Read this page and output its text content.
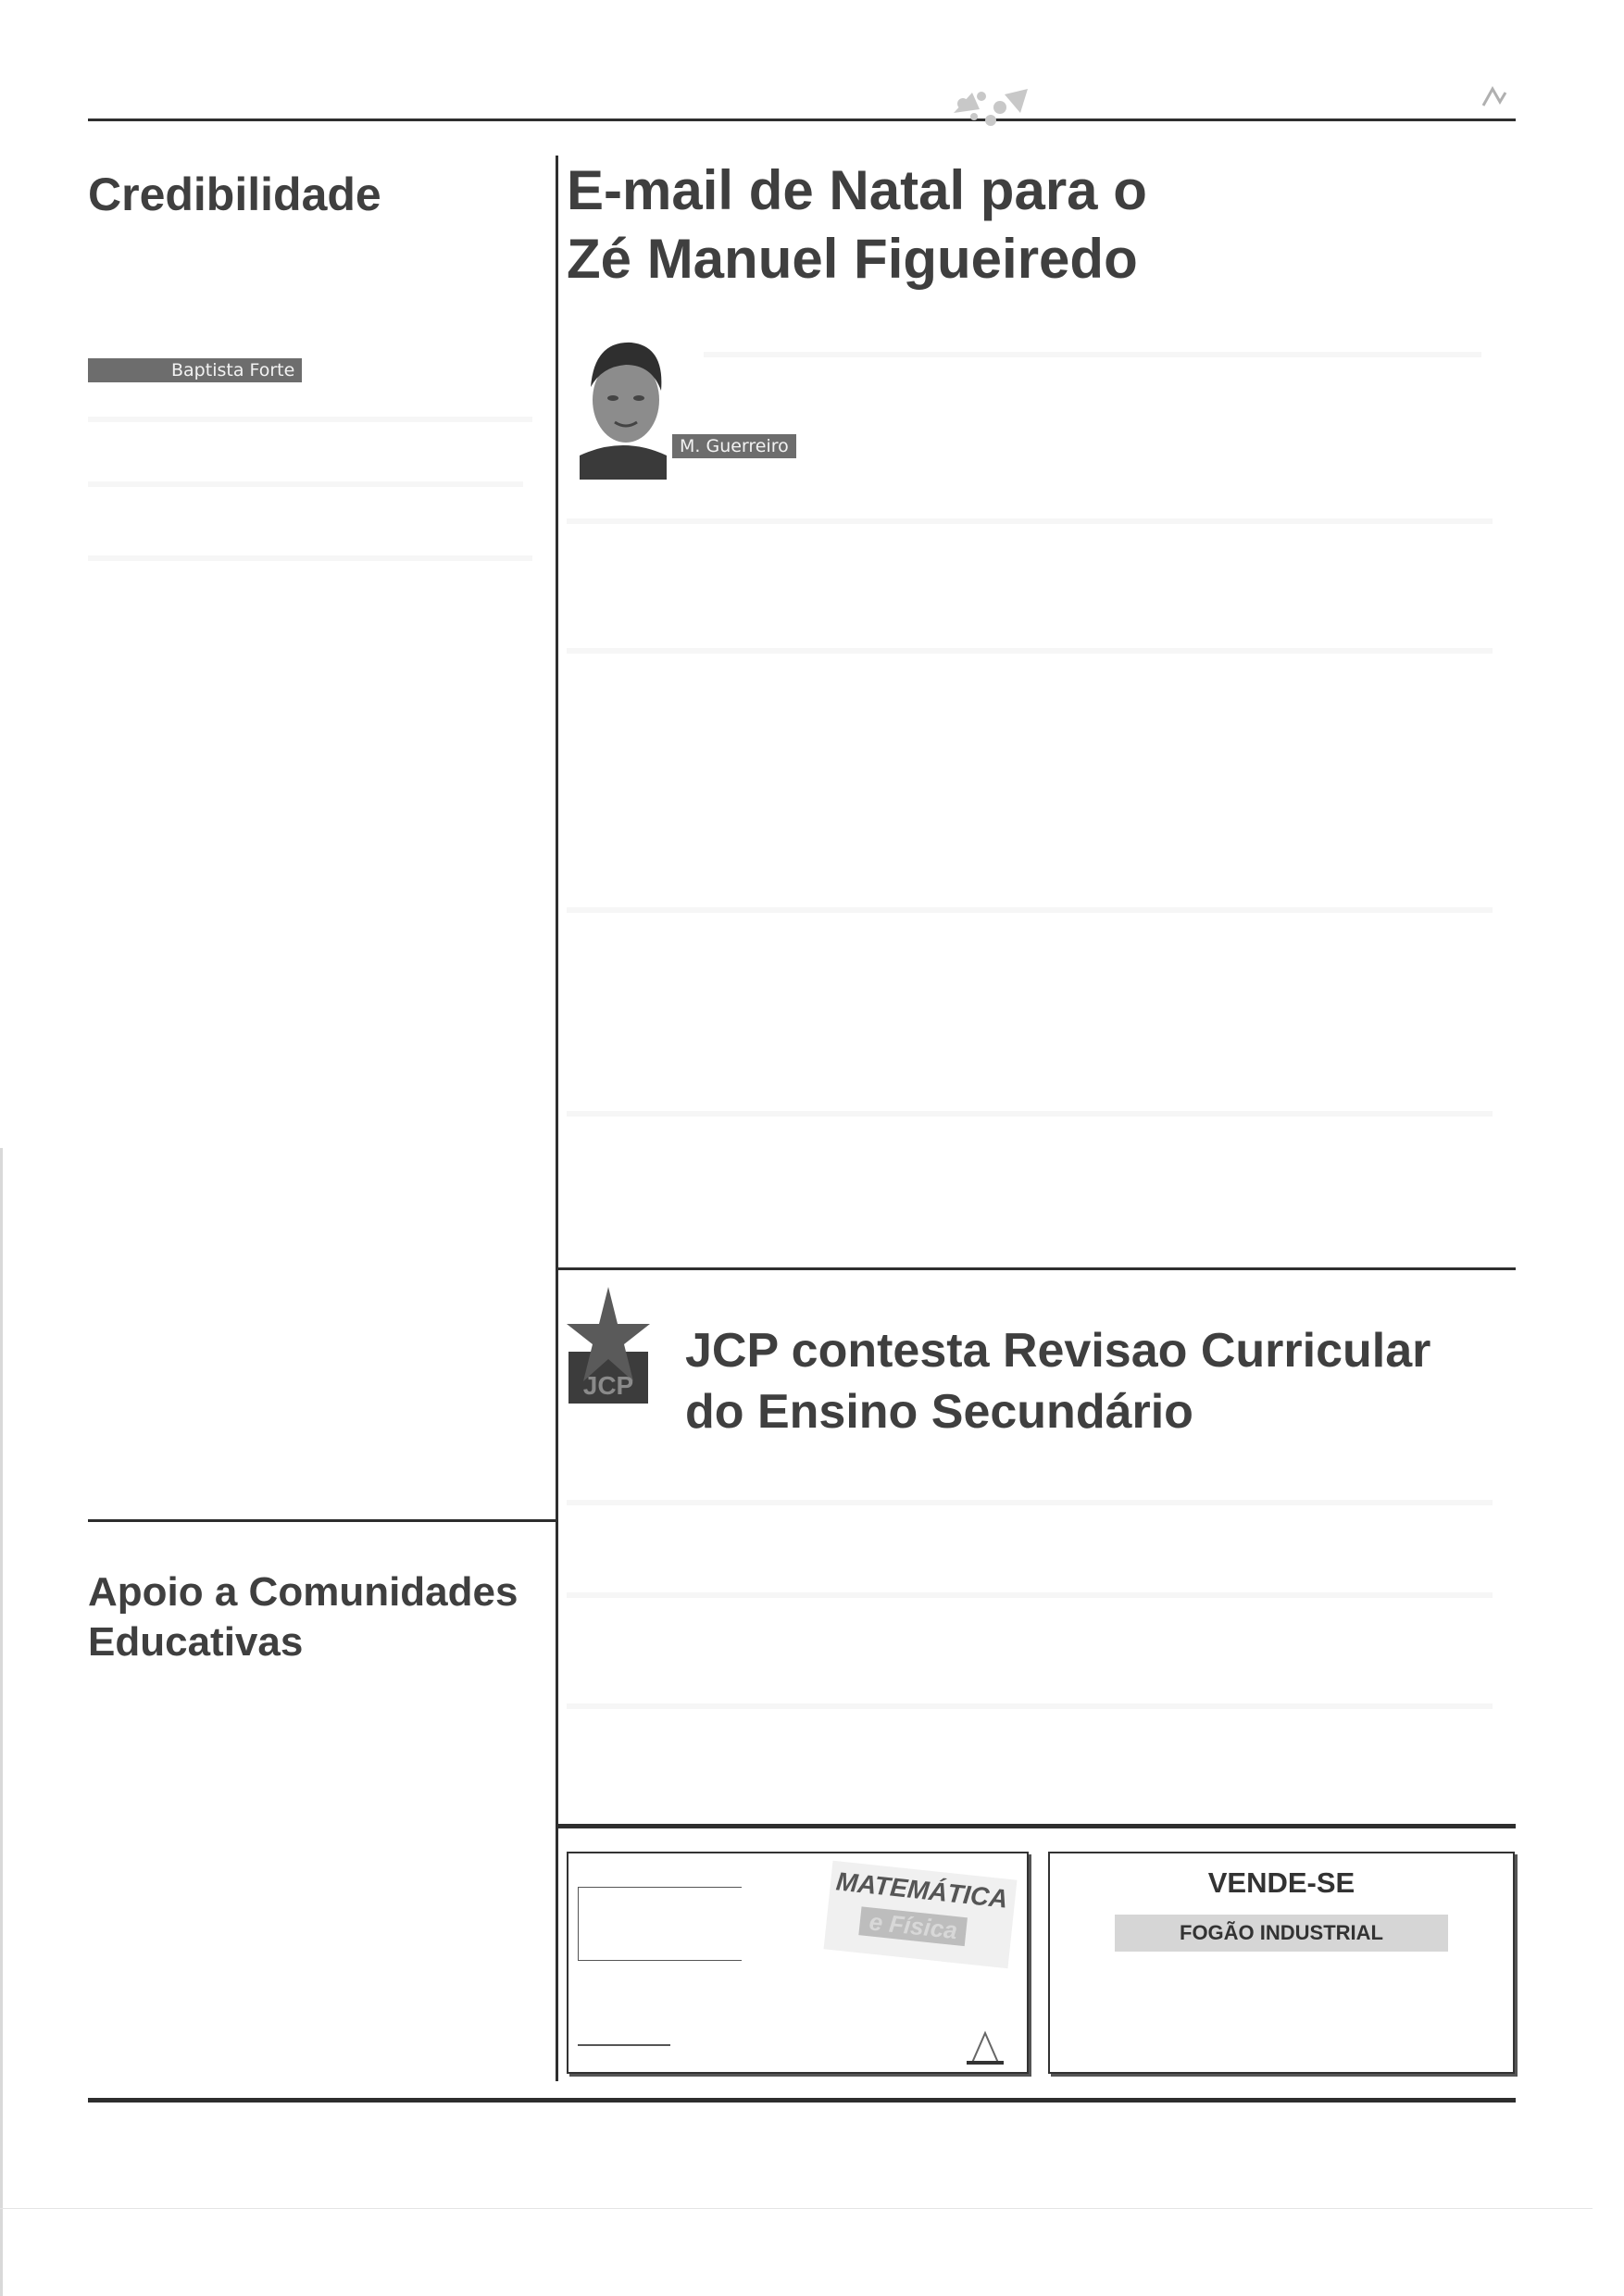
Credibilidade
Baptista Forte
Apoio a Comunidades
Educativas
E-mail de Natal para o
Zé Manuel Figueiredo
M. Guerreiro
JCP
JCP contesta Revisao Curricular
do Ensino Secundário
MATEMÁTICA
e Física
VENDE-SE
FOGÃO INDUSTRIAL
